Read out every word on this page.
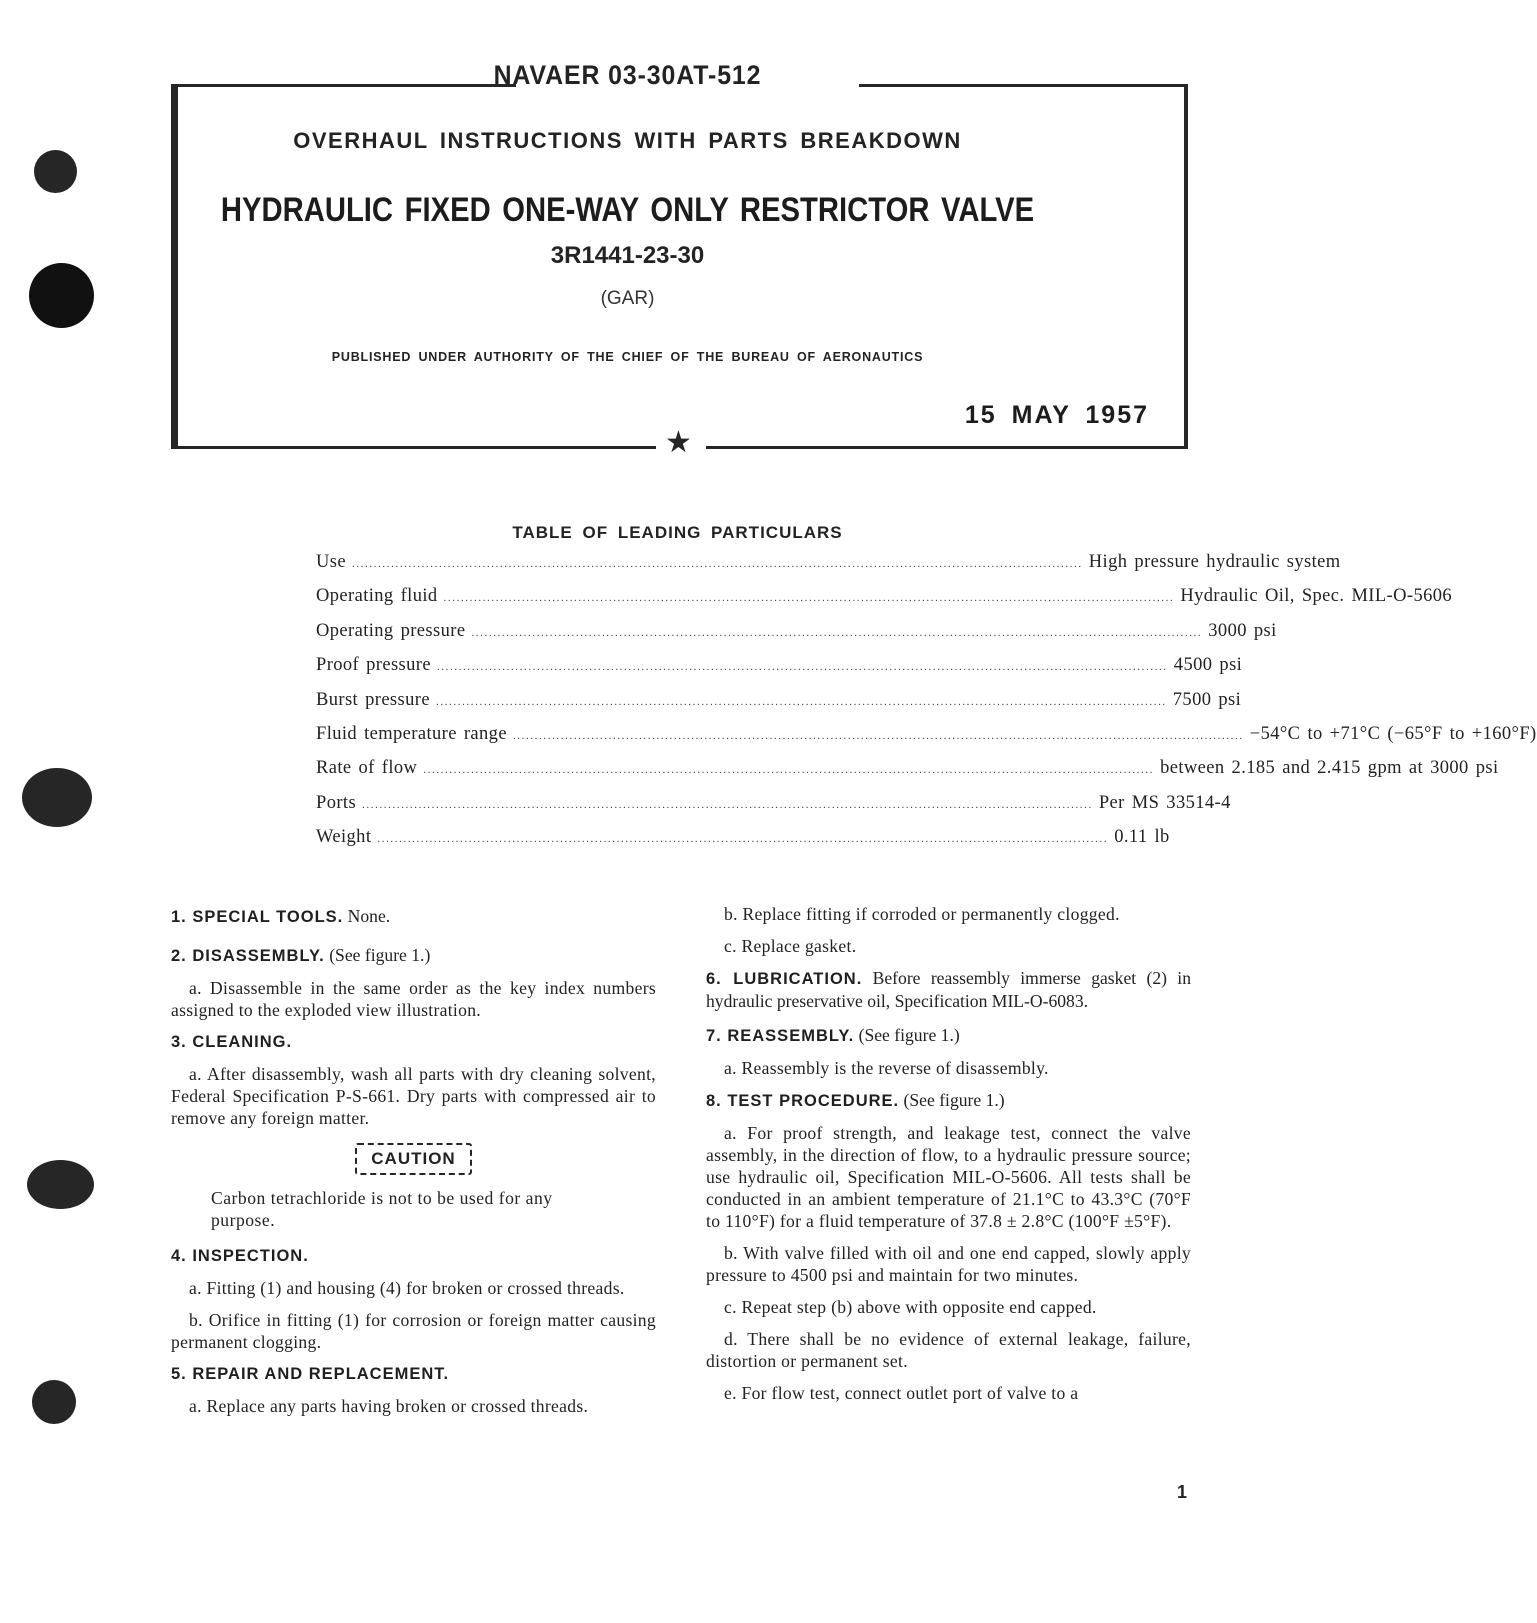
★
NAVAER 03-30AT-512
OVERHAUL INSTRUCTIONS WITH PARTS BREAKDOWN
HYDRAULIC FIXED ONE-WAY ONLY RESTRICTOR VALVE
3R1441-23-30
(GAR)
PUBLISHED UNDER AUTHORITY OF THE CHIEF OF THE BUREAU OF AERONAUTICS
15 MAY 1957
TABLE OF LEADING PARTICULARS
Use ........................................................................................................................................................................ High pressure hydraulic system
Operating fluid ........................................................................................................................................................................ Hydraulic Oil, Spec. MIL-O-5606
Operating pressure ........................................................................................................................................................................ 3000 psi
Proof pressure ........................................................................................................................................................................ 4500 psi
Burst pressure ........................................................................................................................................................................ 7500 psi
Fluid temperature range ........................................................................................................................................................................ −54°C to +71°C (−65°F to +160°F)
Rate of flow ........................................................................................................................................................................ between 2.185 and 2.415 gpm at 3000 psi
Ports ........................................................................................................................................................................ Per MS 33514-4
Weight ........................................................................................................................................................................ 0.11 lb
1. SPECIAL TOOLS. None.
2. DISASSEMBLY. (See figure 1.)

a. Disassemble in the same order as the key index numbers assigned to the exploded view illustration.

3. CLEANING.

a. After disassembly, wash all parts with dry cleaning solvent, Federal Specification P-S-661. Dry parts with compressed air to remove any foreign matter.

CAUTION

Carbon tetrachloride is not to be used for any purpose.

4. INSPECTION.

a. Fitting (1) and housing (4) for broken or crossed threads.

b. Orifice in fitting (1) for corrosion or foreign matter causing permanent clogging.

5. REPAIR AND REPLACEMENT.

a. Replace any parts having broken or crossed threads.

b. Replace fitting if corroded or permanently clogged.

c. Replace gasket.

6. LUBRICATION. Before reassembly immerse gasket (2) in hydraulic preservative oil, Specification MIL-O-6083.
7. REASSEMBLY. (See figure 1.)

a. Reassembly is the reverse of disassembly.

8. TEST PROCEDURE. (See figure 1.)

a. For proof strength, and leakage test, connect the valve assembly, in the direction of flow, to a hydraulic pressure source; use hydraulic oil, Specification MIL-O-5606. All tests shall be conducted in an ambient temperature of 21.1°C to 43.3°C (70°F to 110°F) for a fluid temperature of 37.8 ± 2.8°C (100°F ±5°F).

b. With valve filled with oil and one end capped, slowly apply pressure to 4500 psi and maintain for two minutes.

c. Repeat step (b) above with opposite end capped.

d. There shall be no evidence of external leakage, failure, distortion or permanent set.

e. For flow test, connect outlet port of valve to a

1
